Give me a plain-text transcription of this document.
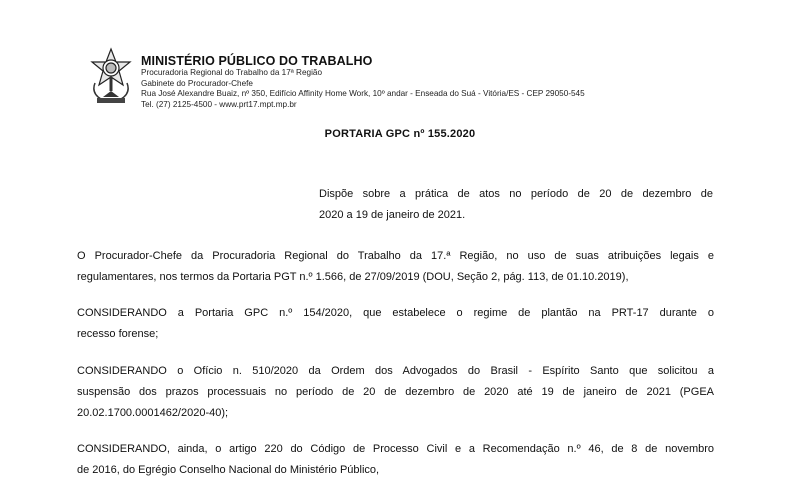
MINISTÉRIO PÚBLICO DO TRABALHO
Procuradoria Regional do Trabalho da 17ª Região
Gabinete do Procurador-Chefe
Rua José Alexandre Buaiz, nº 350, Edifício Affinity Home Work, 10º andar - Enseada do Suá - Vitória/ES - CEP 29050-545
Tel. (27) 2125-4500 - www.prt17.mpt.mp.br
PORTARIA GPC nº 155.2020
Dispõe sobre a prática de atos no período de 20 de dezembro de
2020 a 19 de janeiro de 2021.
O Procurador-Chefe da Procuradoria Regional do Trabalho da 17.ª Região, no uso de suas atribuições legais e
regulamentares, nos termos da Portaria PGT n.º 1.566, de 27/09/2019 (DOU, Seção 2, pág. 113, de 01.10.2019),
CONSIDERANDO a Portaria GPC n.º 154/2020, que estabelece o regime de plantão na PRT-17 durante o
recesso forense;
CONSIDERANDO o Ofício n. 510/2020 da Ordem dos Advogados do Brasil - Espírito Santo que solicitou a
suspensão dos prazos processuais no período de 20 de dezembro de 2020 até 19 de janeiro de 2021 (PGEA
20.02.1700.0001462/2020-40);
CONSIDERANDO, ainda, o artigo 220 do Código de Processo Civil e a Recomendação n.º 46, de 8 de novembro
de 2016, do Egrégio Conselho Nacional do Ministério Público,
